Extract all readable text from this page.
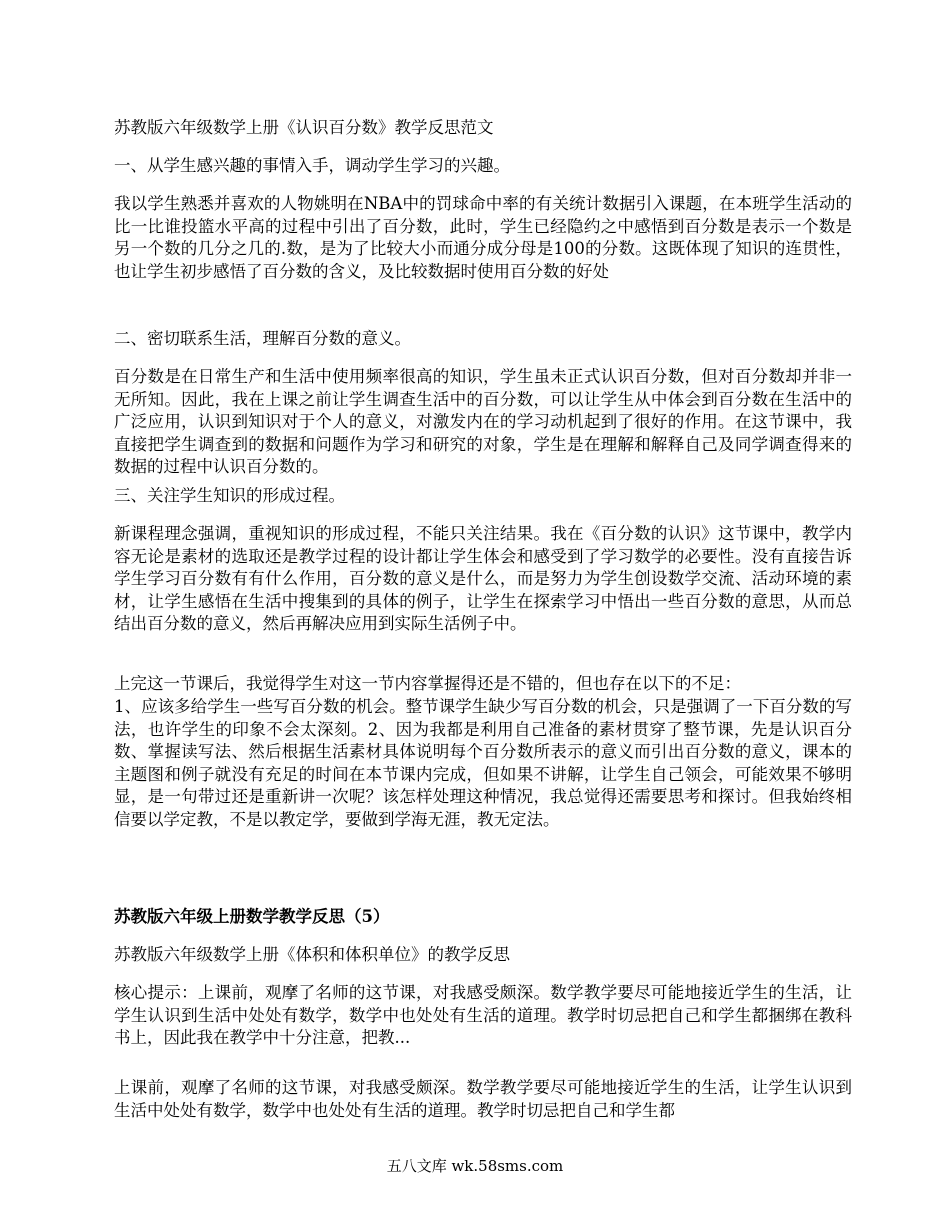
苏教版六年级数学上册《认识百分数》教学反思范文

一、从学生感兴趣的事情入手，调动学生学习的兴趣。

我以学生熟悉并喜欢的人物姚明在NBA中的罚球命中率的有关统计数据引入课题，在本班学生活动的比一比谁投篮水平高的过程中引出了百分数，此时，学生已经隐约之中感悟到百分数是表示一个数是另一个数的几分之几的.数，是为了比较大小而通分成分母是100的分数。这既体现了知识的连贯性，也让学生初步感悟了百分数的含义，及比较数据时使用百分数的好处

二、密切联系生活，理解百分数的意义。

百分数是在日常生产和生活中使用频率很高的知识，学生虽未正式认识百分数，但对百分数却并非一无所知。因此，我在上课之前让学生调查生活中的百分数，可以让学生从中体会到百分数在生活中的广泛应用，认识到知识对于个人的意义，对激发内在的学习动机起到了很好的作用。在这节课中，我直接把学生调查到的数据和问题作为学习和研究的对象，学生是在理解和解释自己及同学调查得来的数据的过程中认识百分数的。

三、关注学生知识的形成过程。

新课程理念强调，重视知识的形成过程，不能只关注结果。我在《百分数的认识》这节课中，教学内容无论是素材的选取还是教学过程的设计都让学生体会和感受到了学习数学的必要性。没有直接告诉学生学习百分数有有什么作用，百分数的意义是什么，而是努力为学生创设数学交流、活动环境的素材，让学生感悟在生活中搜集到的具体的例子，让学生在探索学习中悟出一些百分数的意思，从而总结出百分数的意义，然后再解决应用到实际生活例子中。

上完这一节课后，我觉得学生对这一节内容掌握得还是不错的，但也存在以下的不足：

1、应该多给学生一些写百分数的机会。整节课学生缺少写百分数的机会，只是强调了一下百分数的写法，也许学生的印象不会太深刻。2、因为我都是利用自己准备的素材贯穿了整节课，先是认识百分数、掌握读写法、然后根据生活素材具体说明每个百分数所表示的意义而引出百分数的意义，课本的主题图和例子就没有充足的时间在本节课内完成，但如果不讲解，让学生自己领会，可能效果不够明显，是一句带过还是重新讲一次呢？该怎样处理这种情况，我总觉得还需要思考和探讨。但我始终相信要以学定教，不是以教定学，要做到学海无涯，教无定法。

苏教版六年级上册数学教学反思（5）

苏教版六年级数学上册《体积和体积单位》的教学反思

核心提示：上课前，观摩了名师的这节课，对我感受颇深。数学教学要尽可能地接近学生的生活，让学生认识到生活中处处有数学，数学中也处处有生活的道理。教学时切忌把自己和学生都捆绑在教科书上，因此我在教学中十分注意，把教...

上课前，观摩了名师的这节课，对我感受颇深。数学教学要尽可能地接近学生的生活，让学生认识到生活中处处有数学，数学中也处处有生活的道理。教学时切忌把自己和学生都

五八文库 wk.58sms.com
